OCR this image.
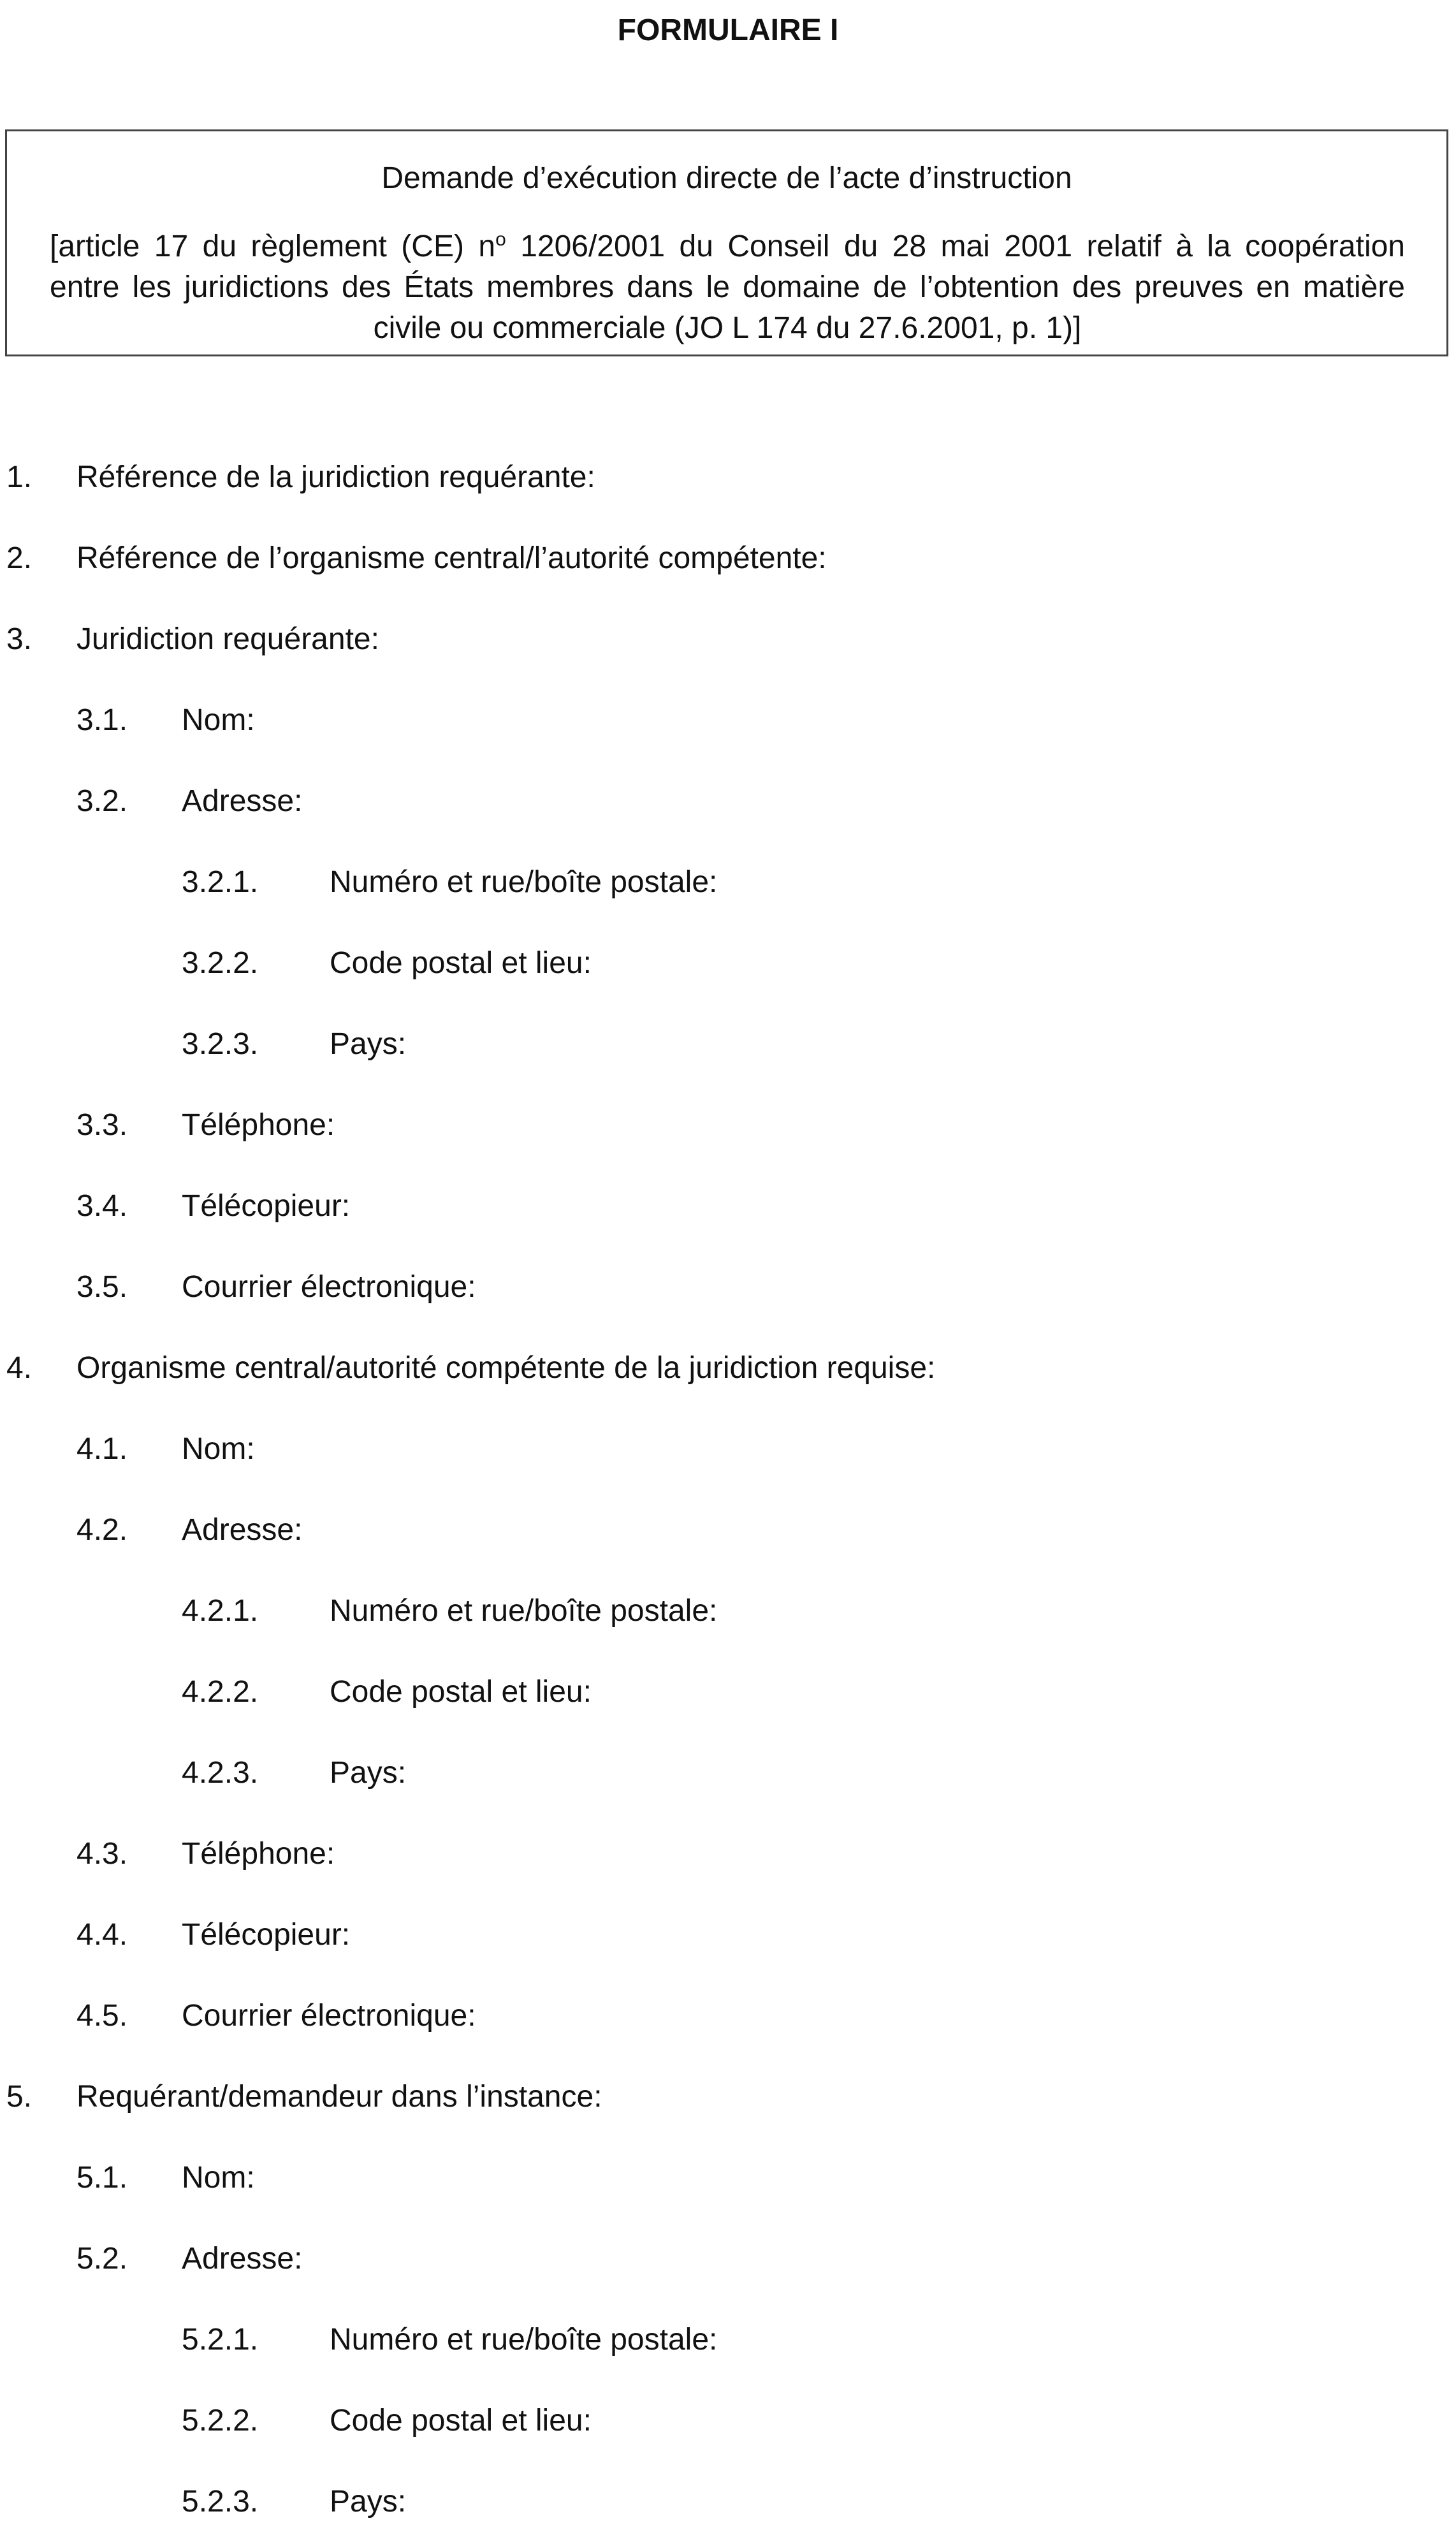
FORMULAIRE I
Demande d’exécution directe de l’acte d’instruction
[article 17 du règlement (CE) $n^o$ 1206/2001 du Conseil du 28 mai 2001 relatif à la coopération
entre les juridictions des États membres dans le domaine de l’obtention des preuves en matière
civile ou commerciale (JO L 174 du 27.6.2001, p. 1)]
1. Référence de la juridiction requérante:
2. Référence de l’organisme central/l’autorité compétente:
3. Juridiction requérante:
3.1. Nom:
3.2. Adresse:
3.2.1. Numéro et rue/boîte postale:
3.2.2. Code postal et lieu:
3.2.3. Pays:
3.3. Téléphone:
3.4. Télécopieur:
3.5. Courrier électronique:
4. Organisme central/autorité compétente de la juridiction requise:
4.1. Nom:
4.2. Adresse:
4.2.1. Numéro et rue/boîte postale:
4.2.2. Code postal et lieu:
4.2.3. Pays:
4.3. Téléphone:
4.4. Télécopieur:
4.5. Courrier électronique:
5. Requérant/demandeur dans l’instance:
5.1. Nom:
5.2. Adresse:
5.2.1. Numéro et rue/boîte postale:
5.2.2. Code postal et lieu:
5.2.3. Pays:
